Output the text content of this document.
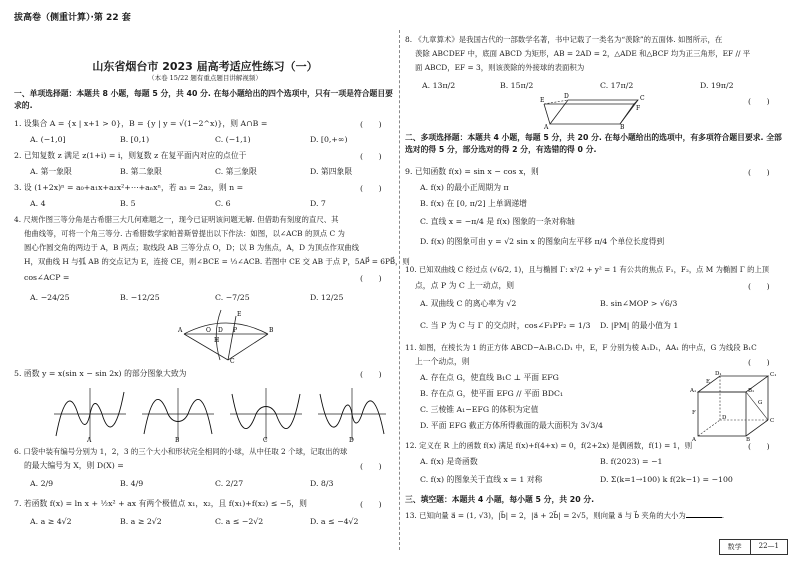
拔高卷（侧重计算）·第 22 套
山东省烟台市 2023 届高考适应性练习（一）
（本卷 15/22 题有重点题目讲解视频）
一、单项选择题：本题共 8 小题，每题 5 分，共 40 分. 在每小题给出的四个选项中，只有一项是符合题目要求的.
1. 设集合 A = {x | x+1 > 0}，B = {y | y = √(1−2^x)}，则 A∩B =	(　　)
A. (−1,0]	B. [0,1)	C. (−1,1)	D. [0,+∞)
2. 已知复数 z 满足 z(1+i) = i，则复数 z 在复平面内对应的点位于	(　　)
A. 第一象限	B. 第二象限	C. 第三象限	D. 第四象限
3. 设 (1+2x)ⁿ = a₀+a₁x+a₂x²+⋯+aₙxⁿ，若 a₃ = 2a₂，则 n =	(　　)
A. 4	B. 5	C. 6	D. 7
4. 尺规作图三等分角是古希腊三大几何难题之一，现今已证明该问题无解. 但借助有刻度的直尺、其
他曲线等，可将一个角三等分. 古希腊数学家帕普斯曾提出以下作法：如图，以∠ACB 的顶点 C 为
圆心作圆交角的两边于 A，B 两点；取线段 AB 三等分点 O，D；以 B 为焦点，A，D 为顶点作双曲线
H，双曲线 H 与弧 AB 的交点记为 E，连接 CE，则∠BCE = ⅓∠ACB. 若图中 CE 交 AB 于点 P，5AP⃗ = 6PB⃗，则
cos∠ACP =	(　　)
A. −24/25	B. −12/25	C. −7/25	D. 12/25
A	B
C
D
E
O	P
H
5. 函数 y = x(sin x − sin 2x) 的部分图象大致为	(　　)
A	B	C	D
6. 口袋中装有编号分别为 1，2，3 的三个大小和形状完全相同的小球，从中任取 2 个球，记取出的球
的最大编号为 X，则 D(X) =	(　　)
A. 2/9	B. 4/9	C. 2/27	D. 8/3
7. 若函数 f(x) = ln x + ½x² + ax 有两个极值点 x₁，x₂，且 f(x₁)+f(x₂) ≤ −5，则	(　　)
A. a ≥ 4√2	B. a ≥ 2√2	C. a ≤ −2√2	D. a ≤ −4√2
8. 《九章算术》是我国古代的一部数学名著，书中记载了一类名为“羡除”的五面体. 如图所示，在
羡除 ABCDEF 中，底面 ABCD 为矩形，AB = 2AD = 2，△ADE 和△BCF 均为正三角形，EF // 平
面 ABCD，EF = 3，则该羡除的外接球的表面积为
(　　)
A. 13π/2	B. 15π/2	C. 17π/2	D. 19π/2
A	B
C
D
E
F
二、多项选择题：本题共 4 小题，每题 5 分，共 20 分. 在每小题给出的选项中，有多项符合题目要求. 全部选对的得 5 分，部分选对的得 2 分，有选错的得 0 分.
9. 已知函数 f(x) = sin x − cos x，则	(　　)
A. f(x) 的最小正周期为 π
B. f(x) 在 [0, π/2] 上单调递增
C. 直线 x = −π/4 是 f(x) 图象的一条对称轴
D. f(x) 的图象可由 y = √2 sin x 的图象向左平移 π/4 个单位长度得到
10. 已知双曲线 C 经过点 (√6/2, 1)，且与椭圆 Γ: x²/2 + y² = 1 有公共的焦点 F₁，F₂，点 M 为椭圆 Γ 的上顶
点，点 P 为 C 上一动点，则	(　　)
A. 双曲线 C 的离心率为 √2	B. sin∠MOP > √6/3
C. 当 P 为 C 与 Γ 的交点时，cos∠F₁PF₂ = 1/3 D. |PM| 的最小值为 1
11. 如图，在棱长为 1 的正方体 ABCD−A₁B₁C₁D₁ 中，E，F 分别为棱 A₁D₁，AA₁ 的中点，G 为线段 B₁C
上一个动点，则	(　　)
A. 存在点 G，使直线 B₁C ⊥ 平面 EFG
B. 存在点 G，使平面 EFG // 平面 BDC₁
C. 三棱锥 A₁−EFG 的体积为定值
D. 平面 EFG 截正方体所得截面的最大面积为 3√3/4
D₁	C₁
A₁	B₁
D	C
A	B
E
F
G
12. 定义在 R 上的函数 f(x) 满足 f(x)+f(4+x) = 0，f(2+2x) 是偶函数，f(1) = 1，则	(　　)
A. f(x) 是奇函数	B. f(2023) = −1
C. f(x) 的图象关于直线 x = 1 对称	D. Σ(k=1→100) k f(2k−1) = −100
三、填空题：本题共 4 小题，每小题 5 分，共 20 分.
13. 已知向量 a⃗ = (1, √3)，|b⃗| = 2，|a⃗ + 2b⃗| = 2√5，则向量 a⃗ 与 b⃗ 夹角的大小为	.
数学	22—1
